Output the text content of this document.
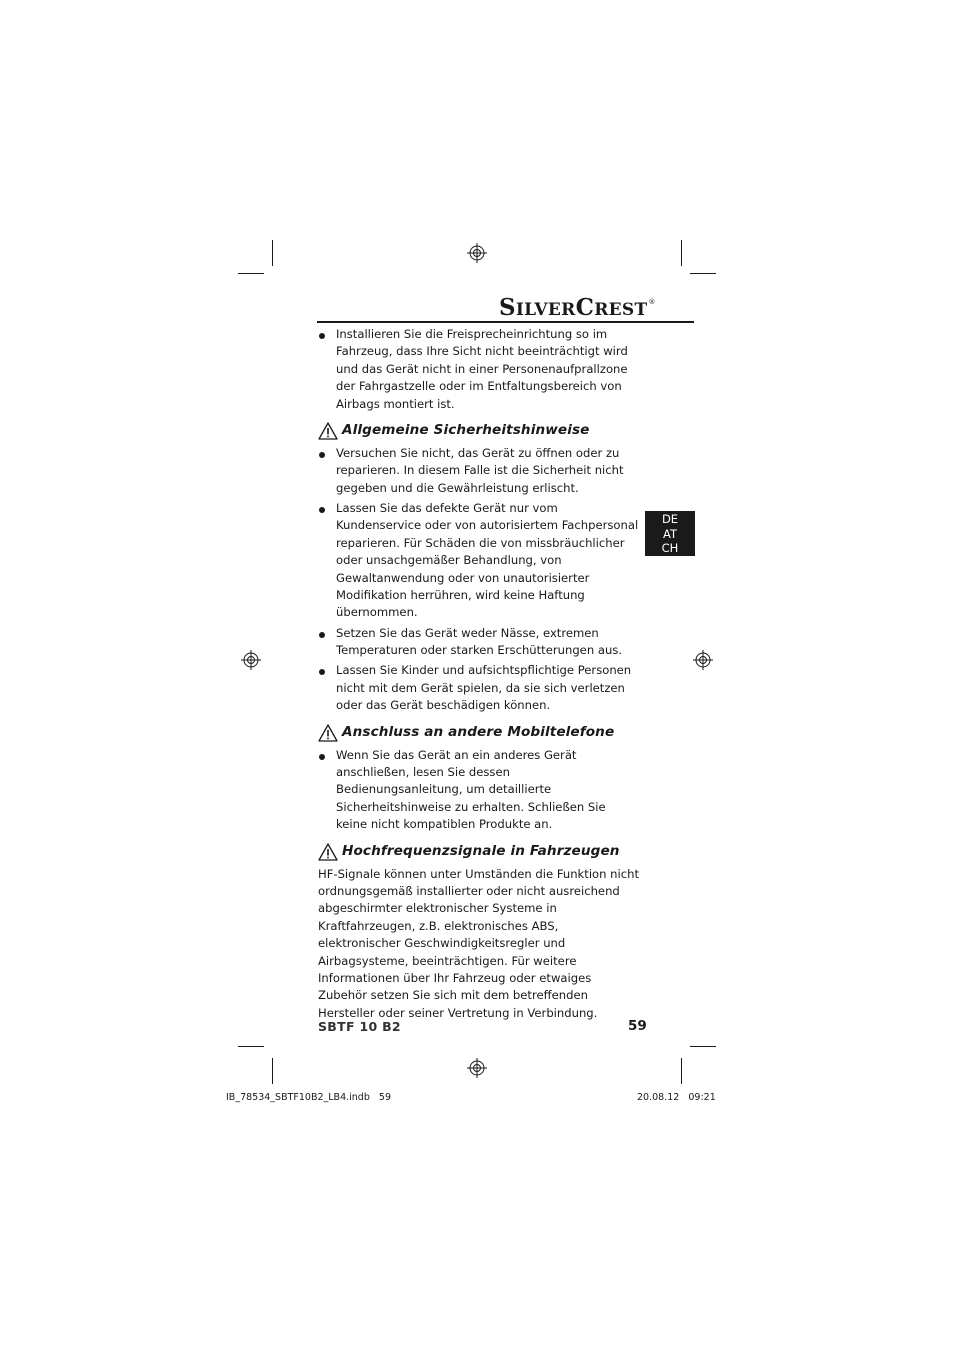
SILVERCREST®
Installieren Sie die Freisprecheinrichtung so im Fahrzeug, dass Ihre Sicht nicht beeinträchtigt wird und das Gerät nicht in einer Personenaufprallzone der Fahrgastzelle oder im Entfaltungsbereich von Airbags montiert ist.
Allgemeine Sicherheitshinweise
Versuchen Sie nicht, das Gerät zu öffnen oder zu reparieren. In diesem Falle ist die Sicherheit nicht gegeben und die Gewährleistung erlischt.
Lassen Sie das defekte Gerät nur vom Kundenservice oder von autorisiertem Fachpersonal reparieren. Für Schäden die von missbräuchlicher oder unsachgemäßer Behandlung, von Gewaltanwendung oder von unautorisierter Modifikation herrühren, wird keine Haftung übernommen.
Setzen Sie das Gerät weder Nässe, extremen Temperaturen oder starken Erschütterungen aus.
Lassen Sie Kinder und aufsichtspflichtige Personen nicht mit dem Gerät spielen, da sie sich verletzen oder das Gerät beschädigen können.
Anschluss an andere Mobiltelefone
Wenn Sie das Gerät an ein anderes Gerät anschließen, lesen Sie dessen Bedienungsanleitung, um detaillierte Sicherheitshinweise zu erhalten. Schließen Sie keine nicht kompatiblen Produkte an.
Hochfrequenzsignale in Fahrzeugen

HF-Signale können unter Umständen die Funktion nicht ordnungsgemäß installierter oder nicht ausreichend abgeschirmter elektronischer Systeme in Kraftfahrzeugen, z.B. elektronisches ABS, elektronischer Geschwindigkeitsregler und Airbagsysteme, beeinträchtigen. Für weitere Informationen über Ihr Fahrzeug oder etwaiges Zubehör setzen Sie sich mit dem betreffenden Hersteller oder seiner Vertretung in Verbindung.

DE
AT
CH
SBTF 10 B2	59
IB_78534_SBTF10B2_LB4.indb   59	20.08.12   09:21
